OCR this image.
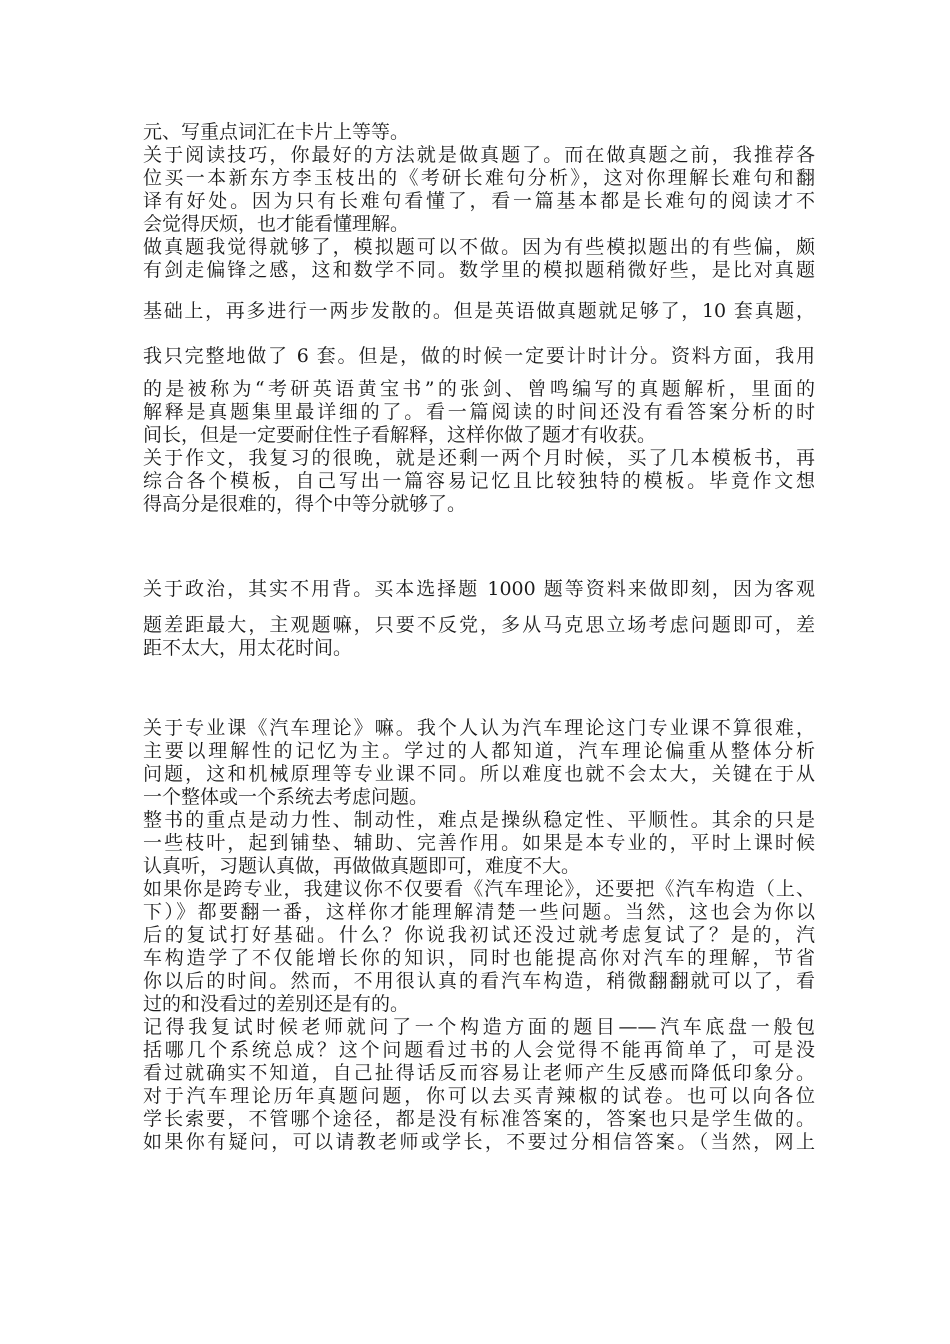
元、写重点词汇在卡片上等等。
关于阅读技巧，你最好的方法就是做真题了。而在做真题之前，我推荐各
位买一本新东方李玉枝出的《考研长难句分析》，这对你理解长难句和翻
译有好处。因为只有长难句看懂了，看一篇基本都是长难句的阅读才不
会觉得厌烦，也才能看懂理解。
做真题我觉得就够了，模拟题可以不做。因为有些模拟题出的有些偏，颇
有剑走偏锋之感，这和数学不同。数学里的模拟题稍微好些，是比对真题
基础上，再多进行一两步发散的。但是英语做真题就足够了，10 套真题，
我只完整地做了 6 套。但是，做的时候一定要计时计分。资料方面，我用
的是被称为“考研英语黄宝书”的张剑、曾鸣编写的真题解析，里面的
解释是真题集里最详细的了。看一篇阅读的时间还没有看答案分析的时
间长，但是一定要耐住性子看解释，这样你做了题才有收获。
关于作文，我复习的很晚，就是还剩一两个月时候，买了几本模板书，再
综合各个模板，自己写出一篇容易记忆且比较独特的模板。毕竟作文想
得高分是很难的，得个中等分就够了。
关于政治，其实不用背。买本选择题 1000 题等资料来做即刻，因为客观
题差距最大，主观题嘛，只要不反党，多从马克思立场考虑问题即可，差
距不太大，用太花时间。
关于专业课《汽车理论》嘛。我个人认为汽车理论这门专业课不算很难，
主要以理解性的记忆为主。学过的人都知道，汽车理论偏重从整体分析
问题，这和机械原理等专业课不同。所以难度也就不会太大，关键在于从
一个整体或一个系统去考虑问题。
整书的重点是动力性、制动性，难点是操纵稳定性、平顺性。其余的只是
一些枝叶，起到铺垫、辅助、完善作用。如果是本专业的，平时上课时候
认真听，习题认真做，再做做真题即可，难度不大。
如果你是跨专业，我建议你不仅要看《汽车理论》，还要把《汽车构造（上、
下）》都要翻一番，这样你才能理解清楚一些问题。当然，这也会为你以
后的复试打好基础。什么？你说我初试还没过就考虑复试了？是的，汽
车构造学了不仅能增长你的知识，同时也能提高你对汽车的理解，节省
你以后的时间。然而，不用很认真的看汽车构造，稍微翻翻就可以了，看
过的和没看过的差别还是有的。
记得我复试时候老师就问了一个构造方面的题目——汽车底盘一般包
括哪几个系统总成？这个问题看过书的人会觉得不能再简单了，可是没
看过就确实不知道，自己扯得话反而容易让老师产生反感而降低印象分。
对于汽车理论历年真题问题，你可以去买青辣椒的试卷。也可以向各位
学长索要，不管哪个途径，都是没有标准答案的，答案也只是学生做的。
如果你有疑问，可以请教老师或学长，不要过分相信答案。（当然，网上
